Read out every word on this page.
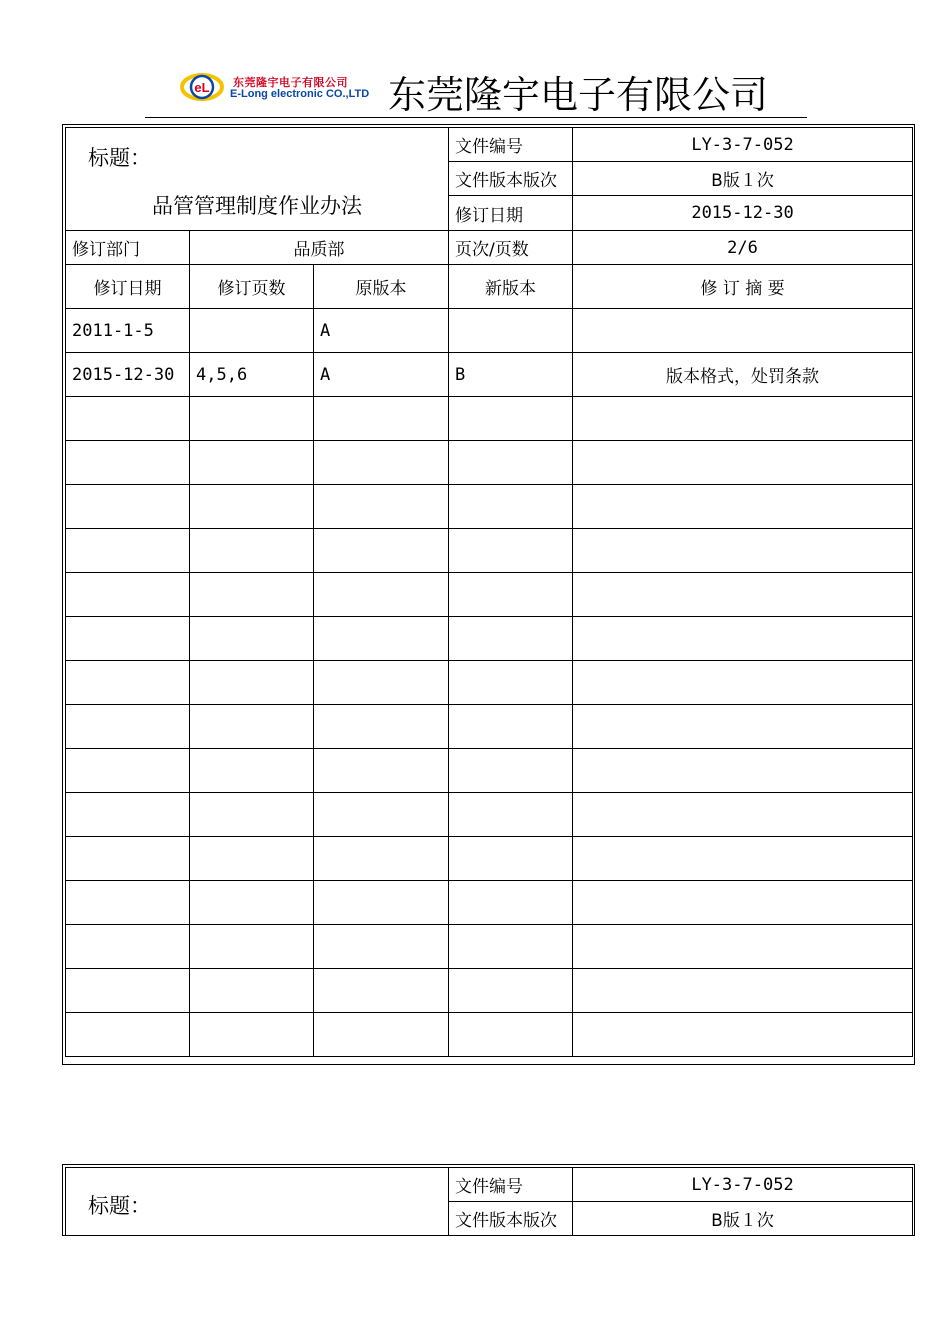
eL 东莞隆宇电子有限公司
E-Long electronic CO.,LTD 东莞隆宇电子有限公司
标题：
品管管理制度作业办法			文件编号	LY-3-7-052
			文件版本版次	B版１次
			修订日期	2015-12-30
修订部门	品质部		页次/页数	2/6
修订日期	修订页数	原版本	新版本	修 订 摘 要
2011-1-5		A		
2015-12-30	4,5,6	A	B	版本格式，处罚条款

标题：	文件编号	LY-3-7-052
	文件版本版次	B版１次
